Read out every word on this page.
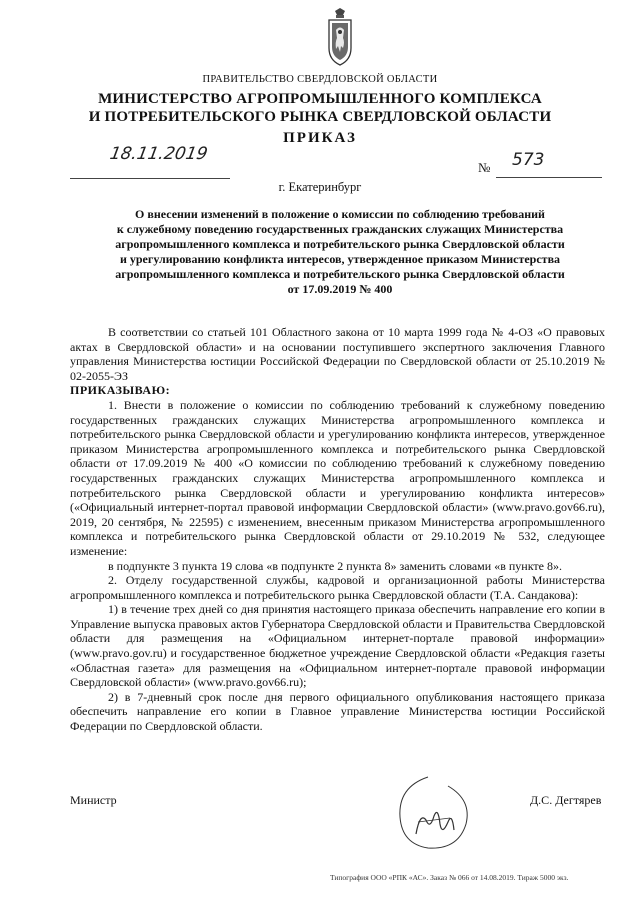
ПРАВИТЕЛЬСТВО СВЕРДЛОВСКОЙ ОБЛАСТИ
МИНИСТЕРСТВО АГРОПРОМЫШЛЕННОГО КОМПЛЕКСА
И ПОТРЕБИТЕЛЬСКОГО РЫНКА СВЕРДЛОВСКОЙ ОБЛАСТИ
ПРИКАЗ
18.11.2019
№ 573
г. Екатеринбург
О внесении изменений в положение о комиссии по соблюдению требований
к служебному поведению государственных гражданских служащих Министерства
агропромышленного комплекса и потребительского рынка Свердловской области
и урегулированию конфликта интересов, утвержденное приказом Министерства
агропромышленного комплекса и потребительского рынка Свердловской области
от 17.09.2019 № 400

В соответствии со статьей 101 Областного закона от 10 марта 1999 года № 4-ОЗ «О правовых актах в Свердловской области» и на основании поступившего экспертного заключения Главного управления Министерства юстиции Российской Федерации по Свердловской области от 25.10.2019 № 02-2055-ЭЗ

ПРИКАЗЫВАЮ:

1. Внести в положение о комиссии по соблюдению требований к служебному поведению государственных гражданских служащих Министерства агропромышленного комплекса и потребительского рынка Свердловской области и урегулированию конфликта интересов, утвержденное приказом Министерства агропромышленного комплекса и потребительского рынка Свердловской области от 17.09.2019 № 400 «О комиссии по соблюдению требований к служебному поведению государственных гражданских служащих Министерства агропромышленного комплекса и потребительского рынка Свердловской области и урегулированию конфликта интересов» («Официальный интернет-портал правовой информации Свердловской области» (www.pravo.gov66.ru), 2019, 20 сентября, № 22595) с изменением, внесенным приказом Министерства агропромышленного комплекса и потребительского рынка Свердловской области от 29.10.2019 № 532, следующее изменение:

в подпункте 3 пункта 19 слова «в подпункте 2 пункта 8» заменить словами «в пункте 8».

2. Отделу государственной службы, кадровой и организационной работы Министерства агропромышленного комплекса и потребительского рынка Свердловской области (Т.А. Сандакова):

1) в течение трех дней со дня принятия настоящего приказа обеспечить направление его копии в Управление выпуска правовых актов Губернатора Свердловской области и Правительства Свердловской области для размещения на «Официальном интернет-портале правовой информации» (www.pravo.gov.ru) и государственное бюджетное учреждение Свердловской области «Редакция газеты «Областная газета» для размещения на «Официальном интернет-портале правовой информации Свердловской области» (www.pravo.gov66.ru);

2) в 7-дневный срок после дня первого официального опубликования настоящего приказа обеспечить направление его копии в Главное управление Министерства юстиции Российской Федерации по Свердловской области.

Министр	Д.С. Дегтярев
Типография ООО «РПК «АС». Заказ № 066 от 14.08.2019. Тираж 5000 экз.
